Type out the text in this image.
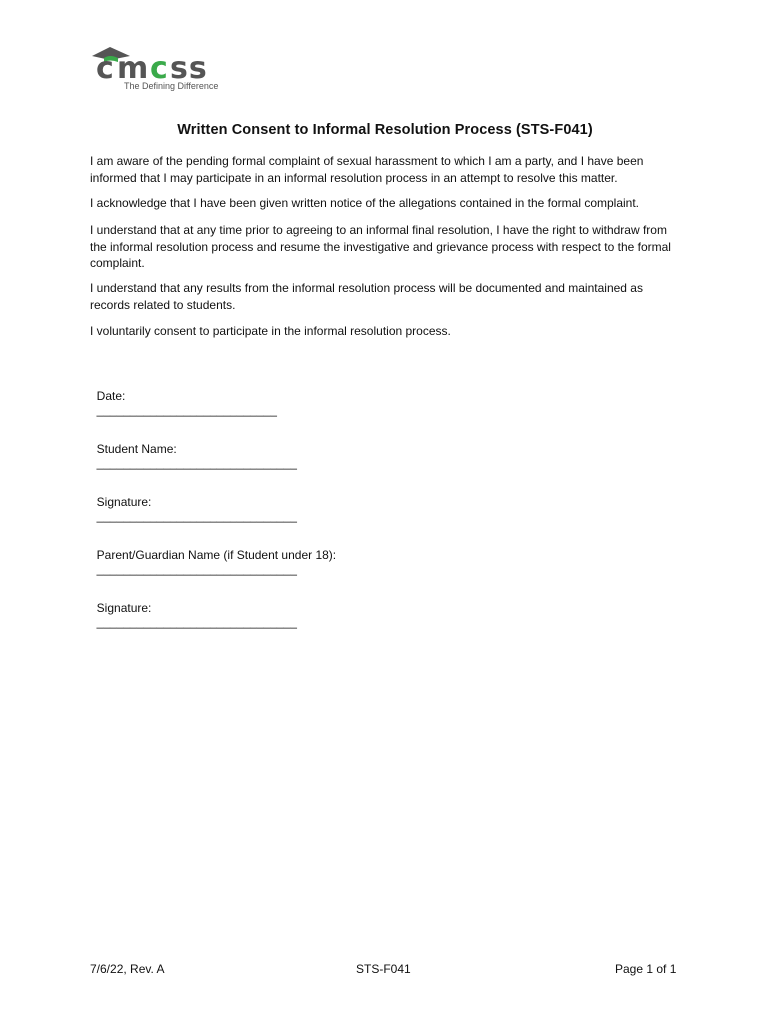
c m c ss
The Defining Difference
Written Consent to Informal Resolution Process (STS-F041)

I am aware of the pending formal complaint of sexual harassment to which I am a party, and I have been informed that I may participate in an informal resolution process in an attempt to resolve this matter.

I acknowledge that I have been given written notice of the allegations contained in the formal complaint.

I understand that at any time prior to agreeing to an informal final resolution, I have the right to withdraw from the informal resolution process and resume the investigative and grievance process with respect to the formal complaint.

I understand that any results from the informal resolution process will be documented and maintained as records related to students.

I voluntarily consent to participate in the informal resolution process.

Date:
___________________________

Student Name:
______________________________

Signature:
______________________________

Parent/Guardian Name (if Student under 18):
______________________________

Signature:
______________________________

7/6/22, Rev. A	STS-F041	Page 1 of 1
